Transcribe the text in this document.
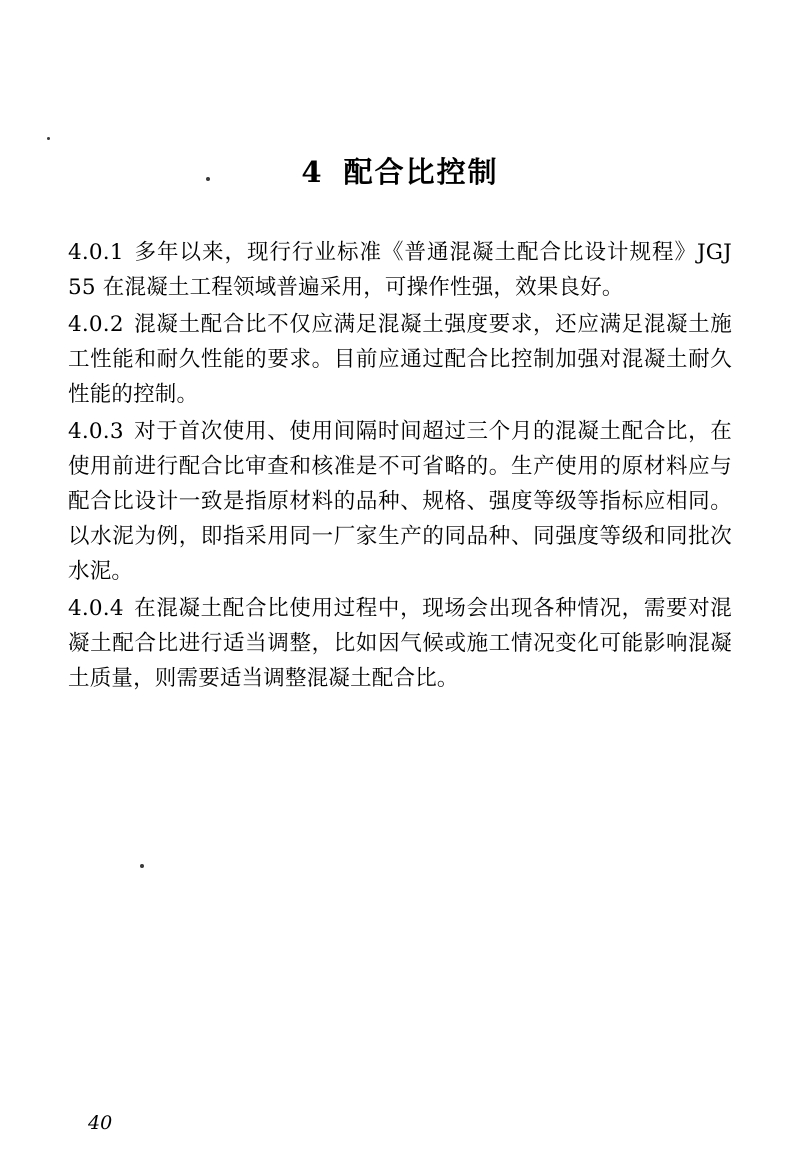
4 配合比控制

4.0.1 多年以来，现行行业标准《普通混凝土配合比设计规程》JGJ 55 在混凝土工程领域普遍采用，可操作性强，效果良好。

4.0.2 混凝土配合比不仅应满足混凝土强度要求，还应满足混凝土施工性能和耐久性能的要求。目前应通过配合比控制加强对混凝土耐久性能的控制。

4.0.3 对于首次使用、使用间隔时间超过三个月的混凝土配合比，在使用前进行配合比审查和核准是不可省略的。生产使用的原材料应与配合比设计一致是指原材料的品种、规格、强度等级等指标应相同。以水泥为例，即指采用同一厂家生产的同品种、同强度等级和同批次水泥。

4.0.4 在混凝土配合比使用过程中，现场会出现各种情况，需要对混凝土配合比进行适当调整，比如因气候或施工情况变化可能影响混凝土质量，则需要适当调整混凝土配合比。

40
